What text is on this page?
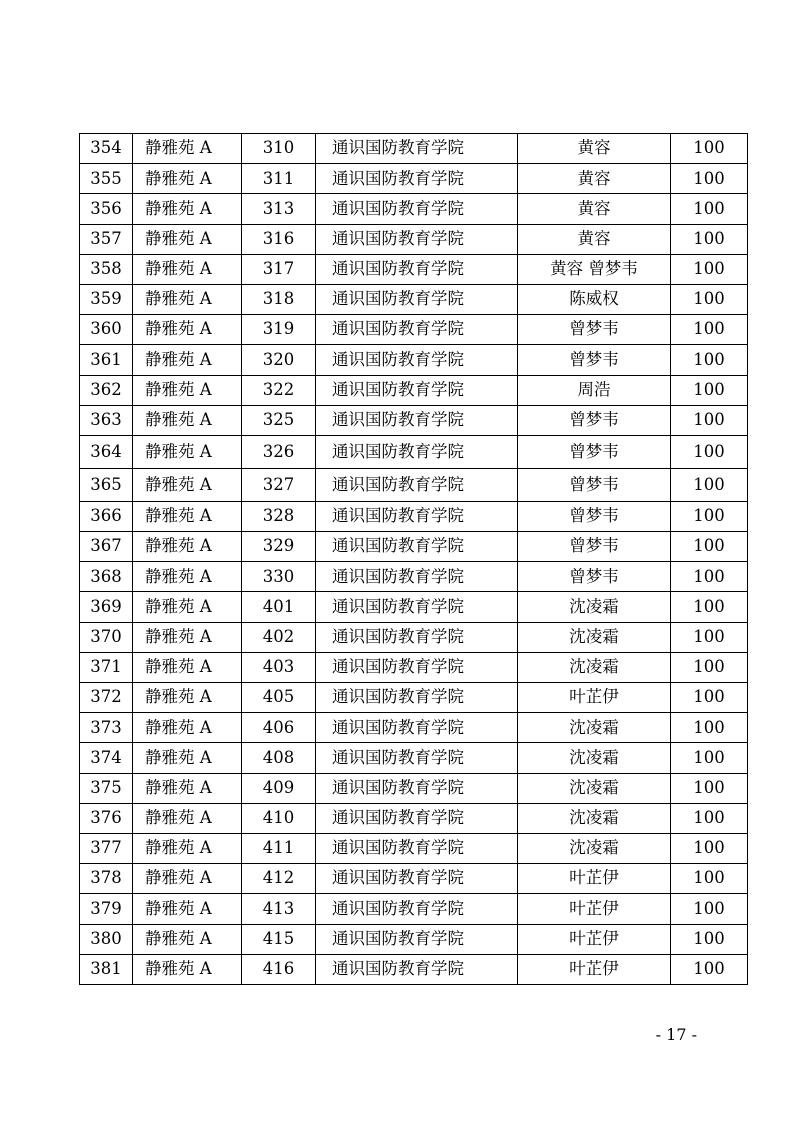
354	静雅苑 A	310	通识国防教育学院	黄容	100
355	静雅苑 A	311	通识国防教育学院	黄容	100
356	静雅苑 A	313	通识国防教育学院	黄容	100
357	静雅苑 A	316	通识国防教育学院	黄容	100
358	静雅苑 A	317	通识国防教育学院	黄容 曾梦韦	100
359	静雅苑 A	318	通识国防教育学院	陈威权	100
360	静雅苑 A	319	通识国防教育学院	曾梦韦	100
361	静雅苑 A	320	通识国防教育学院	曾梦韦	100
362	静雅苑 A	322	通识国防教育学院	周浩	100
363	静雅苑 A	325	通识国防教育学院	曾梦韦	100
364	静雅苑 A	326	通识国防教育学院	曾梦韦	100
365	静雅苑 A	327	通识国防教育学院	曾梦韦	100
366	静雅苑 A	328	通识国防教育学院	曾梦韦	100
367	静雅苑 A	329	通识国防教育学院	曾梦韦	100
368	静雅苑 A	330	通识国防教育学院	曾梦韦	100
369	静雅苑 A	401	通识国防教育学院	沈凌霜	100
370	静雅苑 A	402	通识国防教育学院	沈凌霜	100
371	静雅苑 A	403	通识国防教育学院	沈凌霜	100
372	静雅苑 A	405	通识国防教育学院	叶芷伊	100
373	静雅苑 A	406	通识国防教育学院	沈凌霜	100
374	静雅苑 A	408	通识国防教育学院	沈凌霜	100
375	静雅苑 A	409	通识国防教育学院	沈凌霜	100
376	静雅苑 A	410	通识国防教育学院	沈凌霜	100
377	静雅苑 A	411	通识国防教育学院	沈凌霜	100
378	静雅苑 A	412	通识国防教育学院	叶芷伊	100
379	静雅苑 A	413	通识国防教育学院	叶芷伊	100
380	静雅苑 A	415	通识国防教育学院	叶芷伊	100
381	静雅苑 A	416	通识国防教育学院	叶芷伊	100
- 17 -
